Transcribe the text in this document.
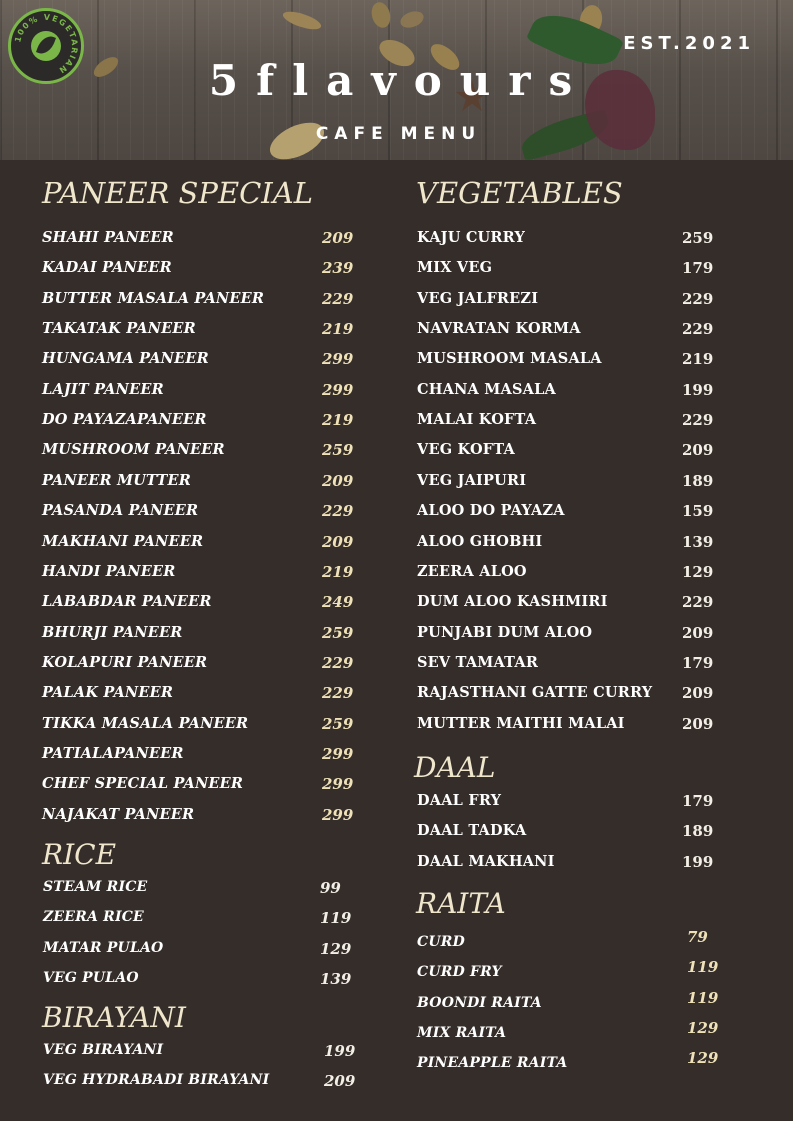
100% VEGETARIAN
EST.2021
5flavours
CAFE MENU
PANEER SPECIAL
SHAHI PANEER	209
KADAI PANEER	239
BUTTER MASALA PANEER	229
TAKATAK PANEER	219
HUNGAMA PANEER	299
LAJIT PANEER	299
DO PAYAZAPANEER	219
MUSHROOM PANEER	259
PANEER MUTTER	209
PASANDA PANEER	229
MAKHANI PANEER	209
HANDI PANEER	219
LABABDAR PANEER	249
BHURJI PANEER	259
KOLAPURI PANEER	229
PALAK PANEER	229
TIKKA MASALA PANEER	259
PATIALAPANEER	299
CHEF SPECIAL PANEER	299
NAJAKAT PANEER	299
RICE
STEAM RICE	99
ZEERA RICE	119
MATAR PULAO	129
VEG PULAO	139
BIRAYANI
VEG BIRAYANI	199
VEG HYDRABADI BIRAYANI	209
VEGETABLES
KAJU CURRY	259
MIX VEG	179
VEG JALFREZI	229
NAVRATAN KORMA	229
MUSHROOM MASALA	219
CHANA MASALA	199
MALAI KOFTA	229
VEG KOFTA	209
VEG JAIPURI	189
ALOO DO PAYAZA	159
ALOO GHOBHI	139
ZEERA ALOO	129
DUM ALOO KASHMIRI	229
PUNJABI DUM ALOO	209
SEV TAMATAR	179
RAJASTHANI GATTE CURRY 209
MUTTER MAITHI MALAI	209
DAAL
DAAL FRY	179
DAAL TADKA	189
DAAL MAKHANI	199
RAITA
CURD	79
CURD FRY	119
BOONDI RAITA	119
MIX RAITA	129
PINEAPPLE RAITA	129
